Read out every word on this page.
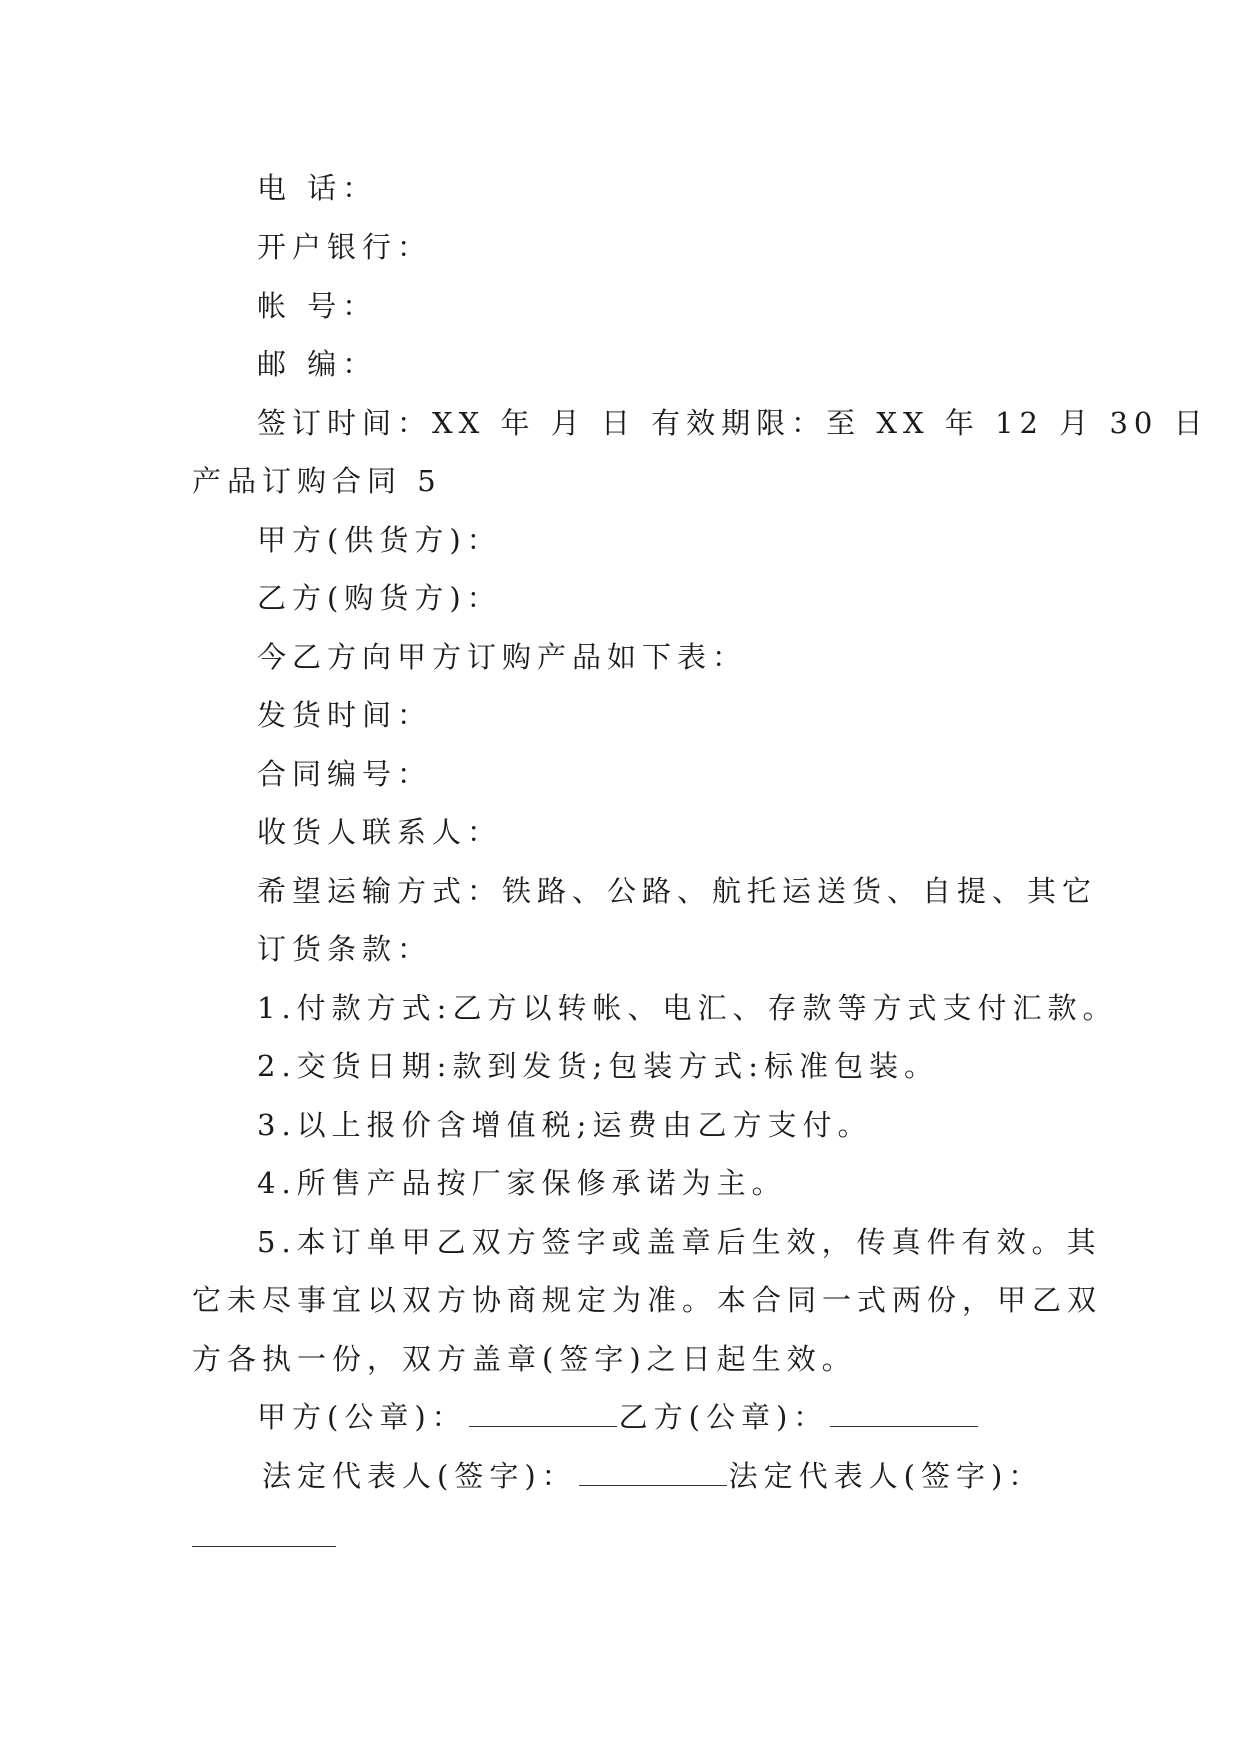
电 话：
开户银行：
帐 号：
邮 编：
签订时间：XX 年 月 日 有效期限：至 XX 年 12 月 30 日
产品订购合同 5
甲方(供货方)：
乙方(购货方)：
今乙方向甲方订购产品如下表：
发货时间：
合同编号：
收货人联系人：
希望运输方式：铁路、公路、航托运送货、自提、其它
订货条款：
1.付款方式:乙方以转帐、电汇、存款等方式支付汇款。
2.交货日期:款到发货;包装方式:标准包装。
3.以上报价含增值税;运费由乙方支付。
4.所售产品按厂家保修承诺为主。
5.本订单甲乙双方签字或盖章后生效，传真件有效。其
它未尽事宜以双方协商规定为准。本合同一式两份，甲乙双
方各执一份，双方盖章(签字)之日起生效。
甲方(公章)：	乙方(公章)：
法定代表人(签字)：	法定代表人(签字)：
